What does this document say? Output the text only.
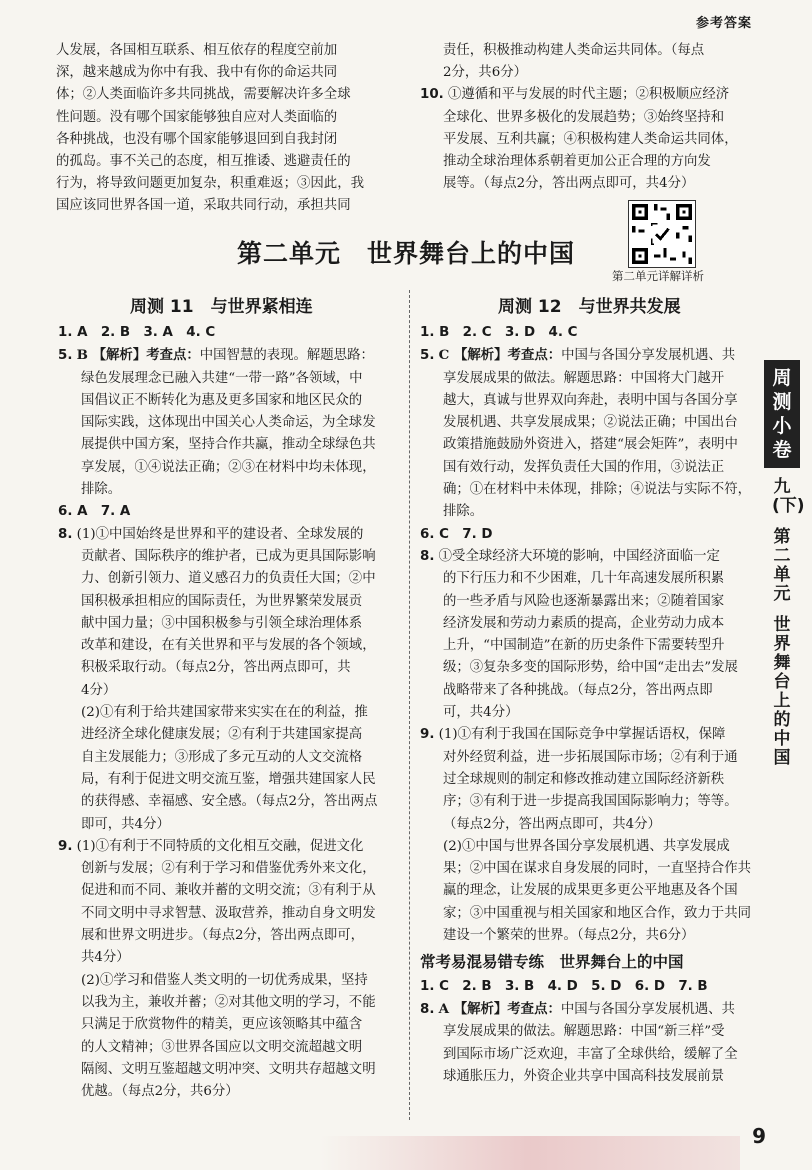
参考答案

人发展，各国相互联系、相互依存的程度空前加

深，越来越成为你中有我、我中有你的命运共同

体；②人类面临许多共同挑战，需要解决许多全球

性问题。没有哪个国家能够独自应对人类面临的

各种挑战，也没有哪个国家能够退回到自我封闭

的孤岛。事不关己的态度，相互推诿、逃避责任的

行为，将导致问题更加复杂，积重难返；③因此，我

国应该同世界各国一道，采取共同行动，承担共同

责任，积极推动构建人类命运共同体。（每点

2分，共6分）

10. ①遵循和平与发展的时代主题；②积极顺应经济

全球化、世界多极化的发展趋势；③始终坚持和

平发展、互利共赢；④积极构建人类命运共同体，

推动全球治理体系朝着更加公正合理的方向发

展等。（每点2分，答出两点即可，共4分）

第二单元　世界舞台上的中国
第二单元详解详析
周测 11　与世界紧相连	周测 12　与世界共发展

1. A　2. B　3. A　4. C

5. B 【解析】考查点：中国智慧的表现。解题思路：

绿色发展理念已融入共建“一带一路”各领域，中

国倡议正不断转化为惠及更多国家和地区民众的

国际实践，这体现出中国关心人类命运，为全球发

展提供中国方案，坚持合作共赢，推动全球绿色共

享发展，①④说法正确；②③在材料中均未体现，

排除。

6. A　7. A

8. (1)①中国始终是世界和平的建设者、全球发展的

贡献者、国际秩序的维护者，已成为更具国际影响

力、创新引领力、道义感召力的负责任大国；②中

国积极承担相应的国际责任，为世界繁荣发展贡

献中国力量；③中国积极参与引领全球治理体系

改革和建设，在有关世界和平与发展的各个领域，

积极采取行动。（每点2分，答出两点即可，共

4分）

(2)①有利于给共建国家带来实实在在的利益，推

进经济全球化健康发展；②有利于共建国家提高

自主发展能力；③形成了多元互动的人文交流格

局，有利于促进文明交流互鉴，增强共建国家人民

的获得感、幸福感、安全感。（每点2分，答出两点

即可，共4分）

9. (1)①有利于不同特质的文化相互交融，促进文化

创新与发展；②有利于学习和借鉴优秀外来文化，

促进和而不同、兼收并蓄的文明交流；③有利于从

不同文明中寻求智慧、汲取营养，推动自身文明发

展和世界文明进步。（每点2分，答出两点即可，

共4分）

(2)①学习和借鉴人类文明的一切优秀成果，坚持

以我为主，兼收并蓄；②对其他文明的学习，不能

只满足于欣赏物件的精美，更应该领略其中蕴含

的人文精神；③世界各国应以文明交流超越文明

隔阂、文明互鉴超越文明冲突、文明共存超越文明

优越。（每点2分，共6分）

1. B　2. C　3. D　4. C

5. C 【解析】考查点：中国与各国分享发展机遇、共

享发展成果的做法。解题思路：中国将大门越开

越大，真诚与世界双向奔赴，表明中国与各国分享

发展机遇、共享发展成果；②说法正确；中国出台

政策措施鼓励外资进入，搭建“展会矩阵”，表明中

国有效行动，发挥负责任大国的作用，③说法正

确；①在材料中未体现，排除；④说法与实际不符，

排除。

6. C　7. D

8. ①受全球经济大环境的影响，中国经济面临一定

的下行压力和不少困难，几十年高速发展所积累

的一些矛盾与风险也逐渐暴露出来；②随着国家

经济发展和劳动力素质的提高，企业劳动力成本

上升，“中国制造”在新的历史条件下需要转型升

级；③复杂多变的国际形势，给中国“走出去”发展

战略带来了各种挑战。（每点2分，答出两点即

可，共4分）

9. (1)①有利于我国在国际竞争中掌握话语权，保障

对外经贸利益，进一步拓展国际市场；②有利于通

过全球规则的制定和修改推动建立国际经济新秩

序；③有利于进一步提高我国国际影响力；等等。

（每点2分，答出两点即可，共4分）

(2)①中国与世界各国分享发展机遇、共享发展成

果；②中国在谋求自身发展的同时，一直坚持合作共

赢的理念，让发展的成果更多更公平地惠及各个国

家；③中国重视与相关国家和地区合作，致力于共同

建设一个繁荣的世界。（每点2分，共6分）

常考易混易错专练　世界舞台上的中国

1. C　2. B　3. B　4. D　5. D　6. D　7. B

8. A 【解析】考查点：中国与各国分享发展机遇、共

享发展成果的做法。解题思路：中国“新三样”受

到国际市场广泛欢迎，丰富了全球供给，缓解了全

球通胀压力，外资企业共享中国高科技发展前景

周测小卷
九(下)
第二单元
世界舞台上的中国
9
